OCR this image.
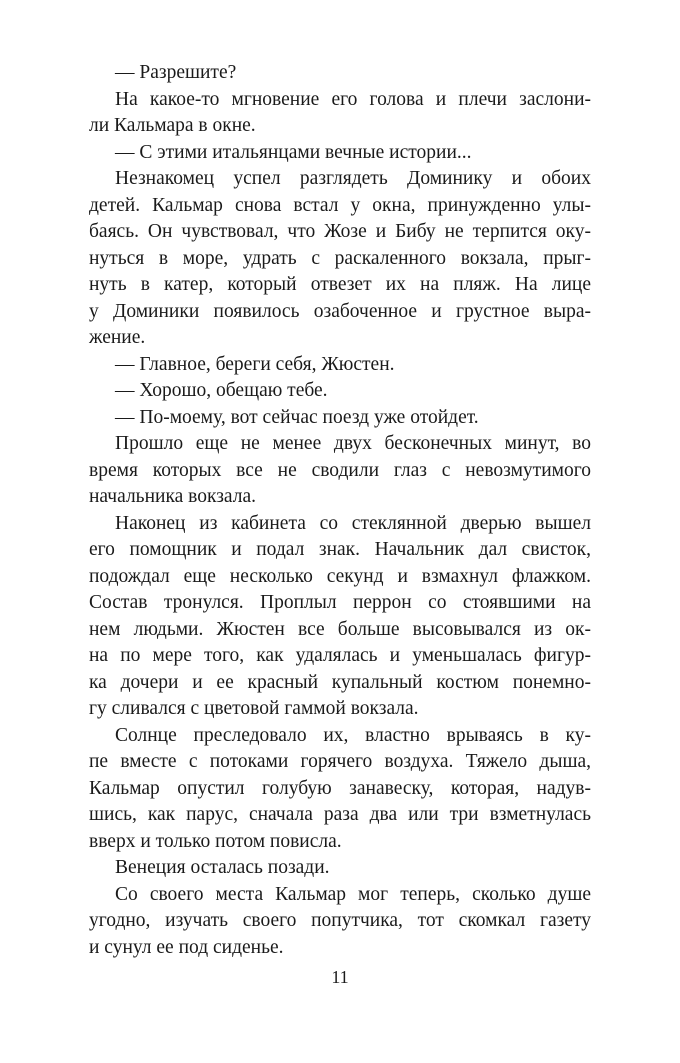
— Разрешите?
На какое-то мгновение его голова и плечи заслони-
ли Кальмара в окне.
— С этими итальянцами вечные истории...
Незнакомец успел разглядеть Доминику и обоих
детей. Кальмар снова встал у окна, принужденно улы-
баясь. Он чувствовал, что Жозе и Бибу не терпится оку-
нуться в море, удрать с раскаленного вокзала, прыг-
нуть в катер, который отвезет их на пляж. На лице
у Доминики появилось озабоченное и грустное выра-
жение.
— Главное, береги себя, Жюстен.
— Хорошо, обещаю тебе.
— По-моему, вот сейчас поезд уже отойдет.
Прошло еще не менее двух бесконечных минут, во
время которых все не сводили глаз с невозмутимого
начальника вокзала.
Наконец из кабинета со стеклянной дверью вышел
его помощник и подал знак. Начальник дал свисток,
подождал еще несколько секунд и взмахнул флажком.
Состав тронулся. Проплыл перрон со стоявшими на
нем людьми. Жюстен все больше высовывался из ок-
на по мере того, как удалялась и уменьшалась фигур-
ка дочери и ее красный купальный костюм понемно-
гу сливался с цветовой гаммой вокзала.
Солнце преследовало их, властно врываясь в ку-
пе вместе с потоками горячего воздуха. Тяжело дыша,
Кальмар опустил голубую занавеску, которая, надув-
шись, как парус, сначала раза два или три взметнулась
вверх и только потом повисла.
Венеция осталась позади.
Со своего места Кальмар мог теперь, сколько душе
угодно, изучать своего попутчика, тот скомкал газету
и сунул ее под сиденье.
11
